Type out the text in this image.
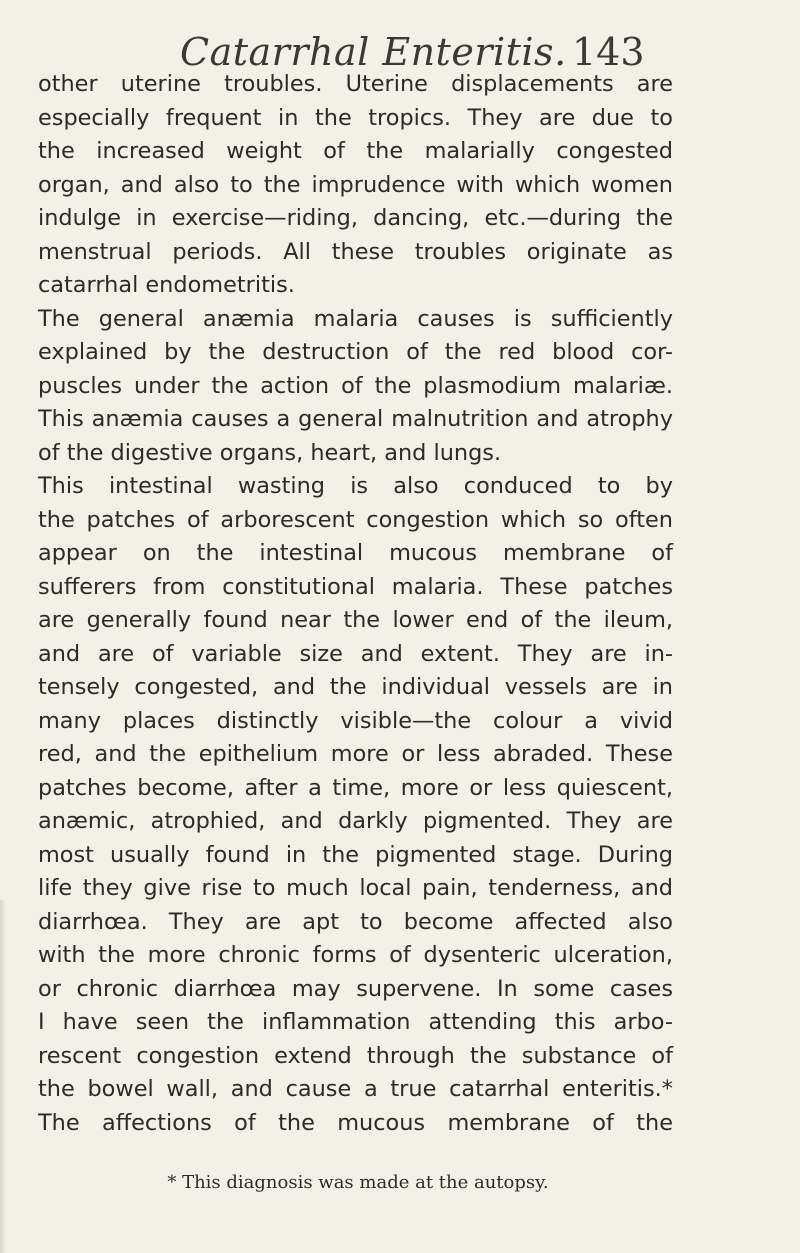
Catarrhal Enteritis. 143
other uterine troubles. Uterine displacements are
especially frequent in the tropics. They are due to
the increased weight of the malarially congested
organ, and also to the imprudence with which women
indulge in exercise—riding, dancing, etc.—during the
menstrual periods. All these troubles originate as
catarrhal endometritis.
The general anæmia malaria causes is sufficiently
explained by the destruction of the red blood cor-
puscles under the action of the plasmodium malariæ.
This anæmia causes a general malnutrition and atrophy
of the digestive organs, heart, and lungs.
This intestinal wasting is also conduced to by
the patches of arborescent congestion which so often
appear on the intestinal mucous membrane of
sufferers from constitutional malaria. These patches
are generally found near the lower end of the ileum,
and are of variable size and extent. They are in-
tensely congested, and the individual vessels are in
many places distinctly visible—the colour a vivid
red, and the epithelium more or less abraded. These
patches become, after a time, more or less quiescent,
anæmic, atrophied, and darkly pigmented. They are
most usually found in the pigmented stage. During
life they give rise to much local pain, tenderness, and
diarrhœa. They are apt to become affected also
with the more chronic forms of dysenteric ulceration,
or chronic diarrhœa may supervene. In some cases
I have seen the inflammation attending this arbo-
rescent congestion extend through the substance of
the bowel wall, and cause a true catarrhal enteritis.*
The affections of the mucous membrane of the
* This diagnosis was made at the autopsy.
